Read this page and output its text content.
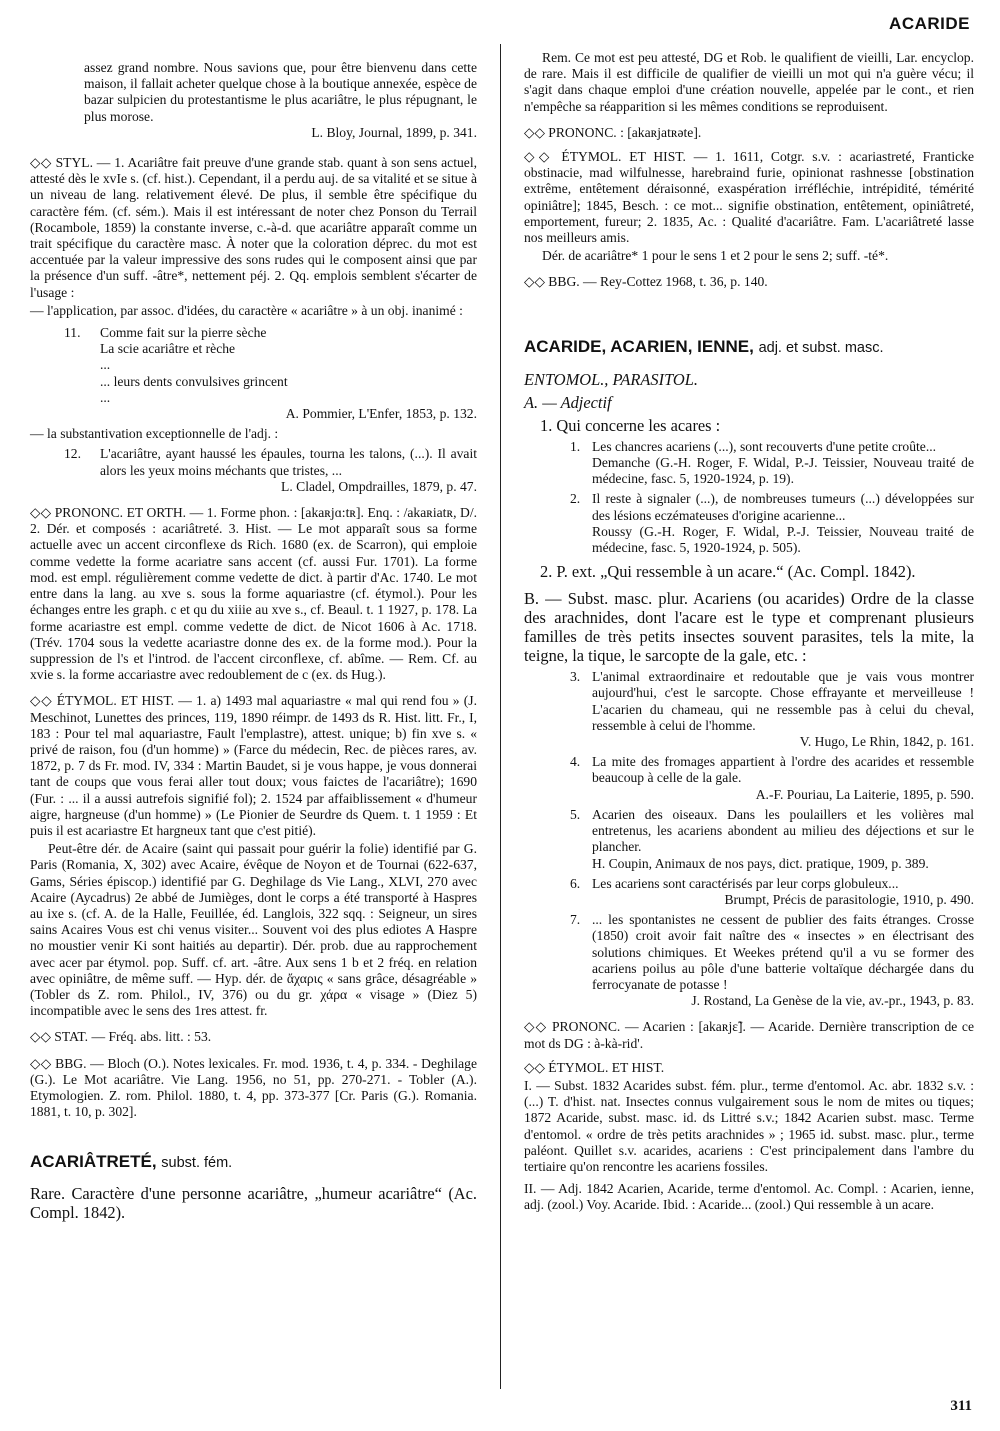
ACARIDE

assez grand nombre. Nous savions que, pour être bienvenu dans cette maison, il fallait acheter quelque chose à la boutique annexée, espèce de bazar sulpicien du protestantisme le plus acariâtre, le plus répugnant, le plus morose.

L. Bloy, Journal, 1899, p. 341.

◇◇ STYL. — 1. Acariâtre fait preuve d'une grande stab. quant à son sens actuel, attesté dès le xvIe s. (cf. hist.). Cependant, il a perdu auj. de sa vitalité et se situe à un niveau de lang. relativement élevé. De plus, il semble être spécifique du caractère fém. (cf. sém.). Mais il est intéressant de noter chez Ponson du Terrail (Rocambole, 1859) la constante inverse, c.-à-d. que acariâtre apparaît comme un trait spécifique du caractère masc. À noter que la coloration déprec. du mot est accentuée par la valeur impressive des sons rudes qui le composent ainsi que par la présence d'un suff. -âtre*, nettement péj. 2. Qq. emplois semblent s'écarter de l'usage :

— l'application, par assoc. d'idées, du caractère « acariâtre » à un obj. inanimé :

11. Comme fait sur la pierre sèche
La scie acariâtre et rèche
...
... leurs dents convulsives grincent
...

A. Pommier, L'Enfer, 1853, p. 132.

— la substantivation exceptionnelle de l'adj. :

12. L'acariâtre, ayant haussé les épaules, tourna les talons, (...). Il avait alors les yeux moins méchants que tristes, ...

L. Cladel, Ompdrailles, 1879, p. 47.

◇◇ PRONONC. ET ORTH. — 1. Forme phon. : [akaʀjɑ:tʀ]. Enq. : /akaʀiatʀ, D/. 2. Dér. et composés : acariâtreté. 3. Hist. — Le mot apparaît sous sa forme actuelle avec un accent circonflexe ds Rich. 1680 (ex. de Scarron), qui emploie comme vedette la forme acariatre sans accent (cf. aussi Fur. 1701). La forme mod. est empl. régulièrement comme vedette de dict. à partir d'Ac. 1740. Le mot entre dans la lang. au xve s. sous la forme aquariastre (cf. étymol.). Pour les échanges entre les graph. c et qu du xiiie au xve s., cf. Beaul. t. 1 1927, p. 178. La forme acariastre est empl. comme vedette de dict. de Nicot 1606 à Ac. 1718. (Trév. 1704 sous la vedette acariastre donne des ex. de la forme mod.). Pour la suppression de l's et l'introd. de l'accent circonflexe, cf. abîme. — Rem. Cf. au xvie s. la forme accariastre avec redoublement de c (ex. ds Hug.).

◇◇ ÉTYMOL. ET HIST. — 1. a) 1493 mal aquariastre « mal qui rend fou » (J. Meschinot, Lunettes des princes, 119, 1890 réimpr. de 1493 ds R. Hist. litt. Fr., I, 183 : Pour tel mal aquariastre, Fault l'emplastre), attest. unique; b) fin xve s. « privé de raison, fou (d'un homme) » (Farce du médecin, Rec. de pièces rares, av. 1872, p. 7 ds Fr. mod. IV, 334 : Martin Baudet, si je vous happe, je vous donnerai tant de coups que vous ferai aller tout doux; vous faictes de l'acariâtre); 1690 (Fur. : ... il a aussi autrefois signifié fol); 2. 1524 par affaiblissement « d'humeur aigre, hargneuse (d'un homme) » (Le Pionier de Seurdre ds Quem. t. 1 1959 : Et puis il est acariastre Et hargneux tant que c'est pitié).

Peut-être dér. de Acaire (saint qui passait pour guérir la folie) identifié par G. Paris (Romania, X, 302) avec Acaire, évêque de Noyon et de Tournai (622-637, Gams, Séries épiscop.) identifié par G. Deghilage ds Vie Lang., XLVI, 270 avec Acaire (Aycadrus) 2e abbé de Jumièges, dont le corps a été transporté à Haspres au ixe s. (cf. A. de la Halle, Feuillée, éd. Langlois, 322 sqq. : Seigneur, un sires sains Acaires Vous est chi venus visiter... Souvent voi des plus ediotes A Haspre no moustier venir Ki sont haitiés au departir). Dér. prob. due au rapprochement avec acer par étymol. pop. Suff. cf. art. -âtre. Aux sens 1 b et 2 fréq. en relation avec opiniâtre, de même suff. — Hyp. dér. de ἄχαρις « sans grâce, désagréable » (Tobler ds Z. rom. Philol., IV, 376) ou du gr. χάρα « visage » (Diez 5) incompatible avec le sens des 1res attest. fr.

◇◇ STAT. — Fréq. abs. litt. : 53.

◇◇ BBG. — Bloch (O.). Notes lexicales. Fr. mod. 1936, t. 4, p. 334. - Deghilage (G.). Le Mot acariâtre. Vie Lang. 1956, no 51, pp. 270-271. - Tobler (A.). Etymologien. Z. rom. Philol. 1880, t. 4, pp. 373-377 [Cr. Paris (G.). Romania. 1881, t. 10, p. 302].

ACARIÂTRETÉ, subst. fém.

Rare. Caractère d'une personne acariâtre, „humeur acariâtre“ (Ac. Compl. 1842).

Rem. Ce mot est peu attesté, DG et Rob. le qualifient de vieilli, Lar. encyclop. de rare. Mais il est difficile de qualifier de vieilli un mot qui n'a guère vécu; il s'agit dans chaque emploi d'une création nouvelle, appelée par le cont., et rien n'empêche sa réapparition si les mêmes conditions se reproduisent.

◇◇ PRONONC. : [akaʀjatʀəte].

◇◇ ÉTYMOL. ET HIST. — 1. 1611, Cotgr. s.v. : acariastreté, Franticke obstinacie, mad wilfulnesse, harebraind furie, opinionat rashnesse [obstination extrême, entêtement déraisonné, exaspération irréfléchie, intrépidité, témérité opiniâtre]; 1845, Besch. : ce mot... signifie obstination, entêtement, opiniâtreté, emportement, fureur; 2. 1835, Ac. : Qualité d'acariâtre. Fam. L'acariâtreté lasse nos meilleurs amis.

Dér. de acariâtre* 1 pour le sens 1 et 2 pour le sens 2; suff. -té*.

◇◇ BBG. — Rey-Cottez 1968, t. 36, p. 140.

ACARIDE, ACARIEN, IENNE, adj. et subst. masc.

ENTOMOL., PARASITOL.

A. — Adjectif

1. Qui concerne les acares :

1. Les chancres acariens (...), sont recouverts d'une petite croûte...

Demanche (G.-H. Roger, F. Widal, P.-J. Teissier, Nouveau traité de médecine, fasc. 5, 1920-1924, p. 19).

2. Il reste à signaler (...), de nombreuses tumeurs (...) développées sur des lésions eczémateuses d'origine acarienne...

Roussy (G.-H. Roger, F. Widal, P.-J. Teissier, Nouveau traité de médecine, fasc. 5, 1920-1924, p. 505).

2. P. ext. „Qui ressemble à un acare.“ (Ac. Compl. 1842).

B. — Subst. masc. plur. Acariens (ou acarides) Ordre de la classe des arachnides, dont l'acare est le type et comprenant plusieurs familles de très petits insectes souvent parasites, tels la mite, la teigne, la tique, le sarcopte de la gale, etc. :

3. L'animal extraordinaire et redoutable que je vais vous montrer aujourd'hui, c'est le sarcopte. Chose effrayante et merveilleuse ! L'acarien du chameau, qui ne ressemble pas à celui du cheval, ressemble à celui de l'homme.

V. Hugo, Le Rhin, 1842, p. 161.

4. La mite des fromages appartient à l'ordre des acarides et ressemble beaucoup à celle de la gale.

A.-F. Pouriau, La Laiterie, 1895, p. 590.

5. Acarien des oiseaux. Dans les poulaillers et les volières mal entretenus, les acariens abondent au milieu des déjections et sur le plancher.

H. Coupin, Animaux de nos pays, dict. pratique, 1909, p. 389.

6. Les acariens sont caractérisés par leur corps globuleux...

Brumpt, Précis de parasitologie, 1910, p. 490.

7. ... les spontanistes ne cessent de publier des faits étranges. Crosse (1850) croit avoir fait naître des « insectes » en électrisant des solutions chimiques. Et Weekes prétend qu'il a vu se former des acariens poilus au pôle d'une batterie voltaïque déchargée dans du ferrocyanate de potasse !

J. Rostand, La Genèse de la vie, av.-pr., 1943, p. 83.

◇◇ PRONONC. — Acarien : [akaʀjɛ̃]. — Acaride. Dernière transcription de ce mot ds DG : à-kà-rid'.

◇◇ ÉTYMOL. ET HIST.

I. — Subst. 1832 Acarides subst. fém. plur., terme d'entomol. Ac. abr. 1832 s.v. : (...) T. d'hist. nat. Insectes connus vulgairement sous le nom de mites ou tiques; 1872 Acaride, subst. masc. id. ds Littré s.v.; 1842 Acarien subst. masc. Terme d'entomol. « ordre de très petits arachnides » ; 1965 id. subst. masc. plur., terme paléont. Quillet s.v. acarides, acariens : C'est principalement dans l'ambre du tertiaire qu'on rencontre les acariens fossiles.

II. — Adj. 1842 Acarien, Acaride, terme d'entomol. Ac. Compl. : Acarien, ienne, adj. (zool.) Voy. Acaride. Ibid. : Acaride... (zool.) Qui ressemble à un acare.

311
